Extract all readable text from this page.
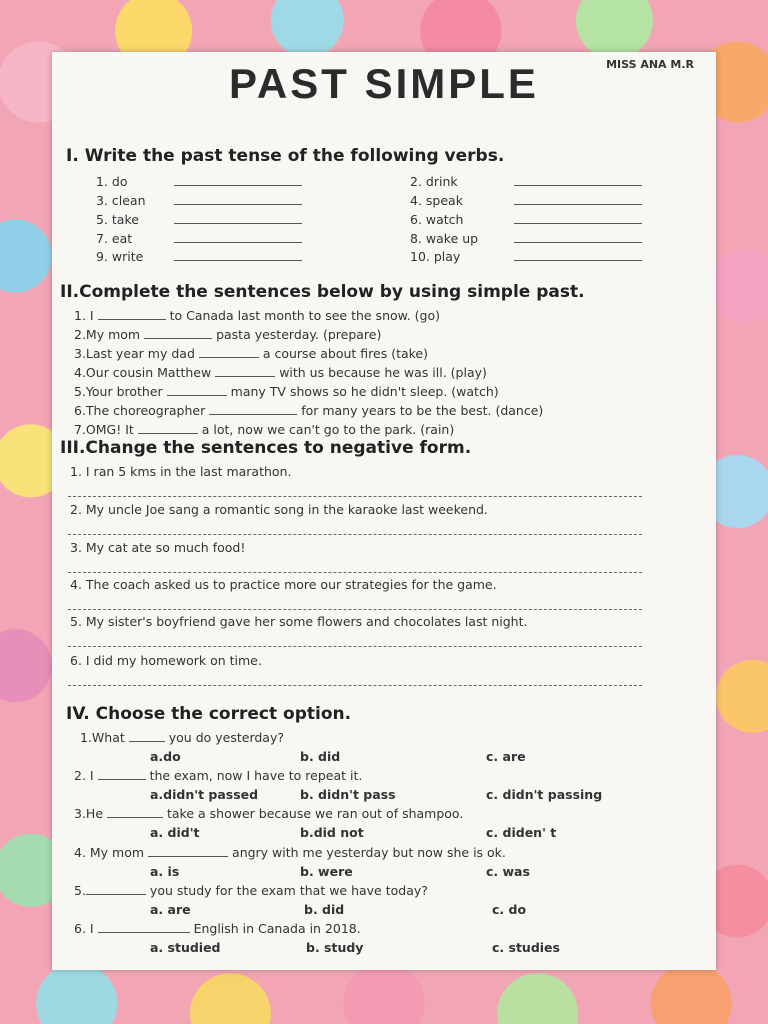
PAST SIMPLE	MISS ANA M.R
I. Write the past tense of the following verbs.
1. do
3. clean
5. take
7. eat
9. write
2. drink
4. speak
6. watch
8. wake up
10. play
II.Complete the sentences below by using simple past.
1. I	to Canada last month to see the snow. (go)
2.My mom	pasta yesterday. (prepare)
3.Last year my dad	a course about fires (take)
4.Our cousin Matthew	with us because he was ill. (play)
5.Your brother	many TV shows so he didn't sleep. (watch)
6.The choreographer	for many years to be the best. (dance)
7.OMG! It	a lot, now we can't go to the park. (rain)
III.Change the sentences to negative form.
1. I ran 5 kms in the last marathon.
2. My uncle Joe sang a romantic song in the karaoke last weekend.
3. My cat ate so much food!
4. The coach asked us to practice more our strategies for the game.
5. My sister's boyfriend gave her some flowers and chocolates last night.
6. I did my homework on time.
IV. Choose the correct option.
1.What	you do yesterday?
a.do	b. did	c. are
2. I	the exam, now I have to repeat it.
a.didn't passed	b. didn't pass	c. didn't passing
3.He	take a shower because we ran out of shampoo.
a. did't	b.did not	c. diden' t
4. My mom	angry with me yesterday but now she is ok.
a. is	b. were	c. was
5.	you study for the exam that we have today?
a. are	b. did	c. do
6. I	English in Canada in 2018.
a. studied	b. study	c. studies
